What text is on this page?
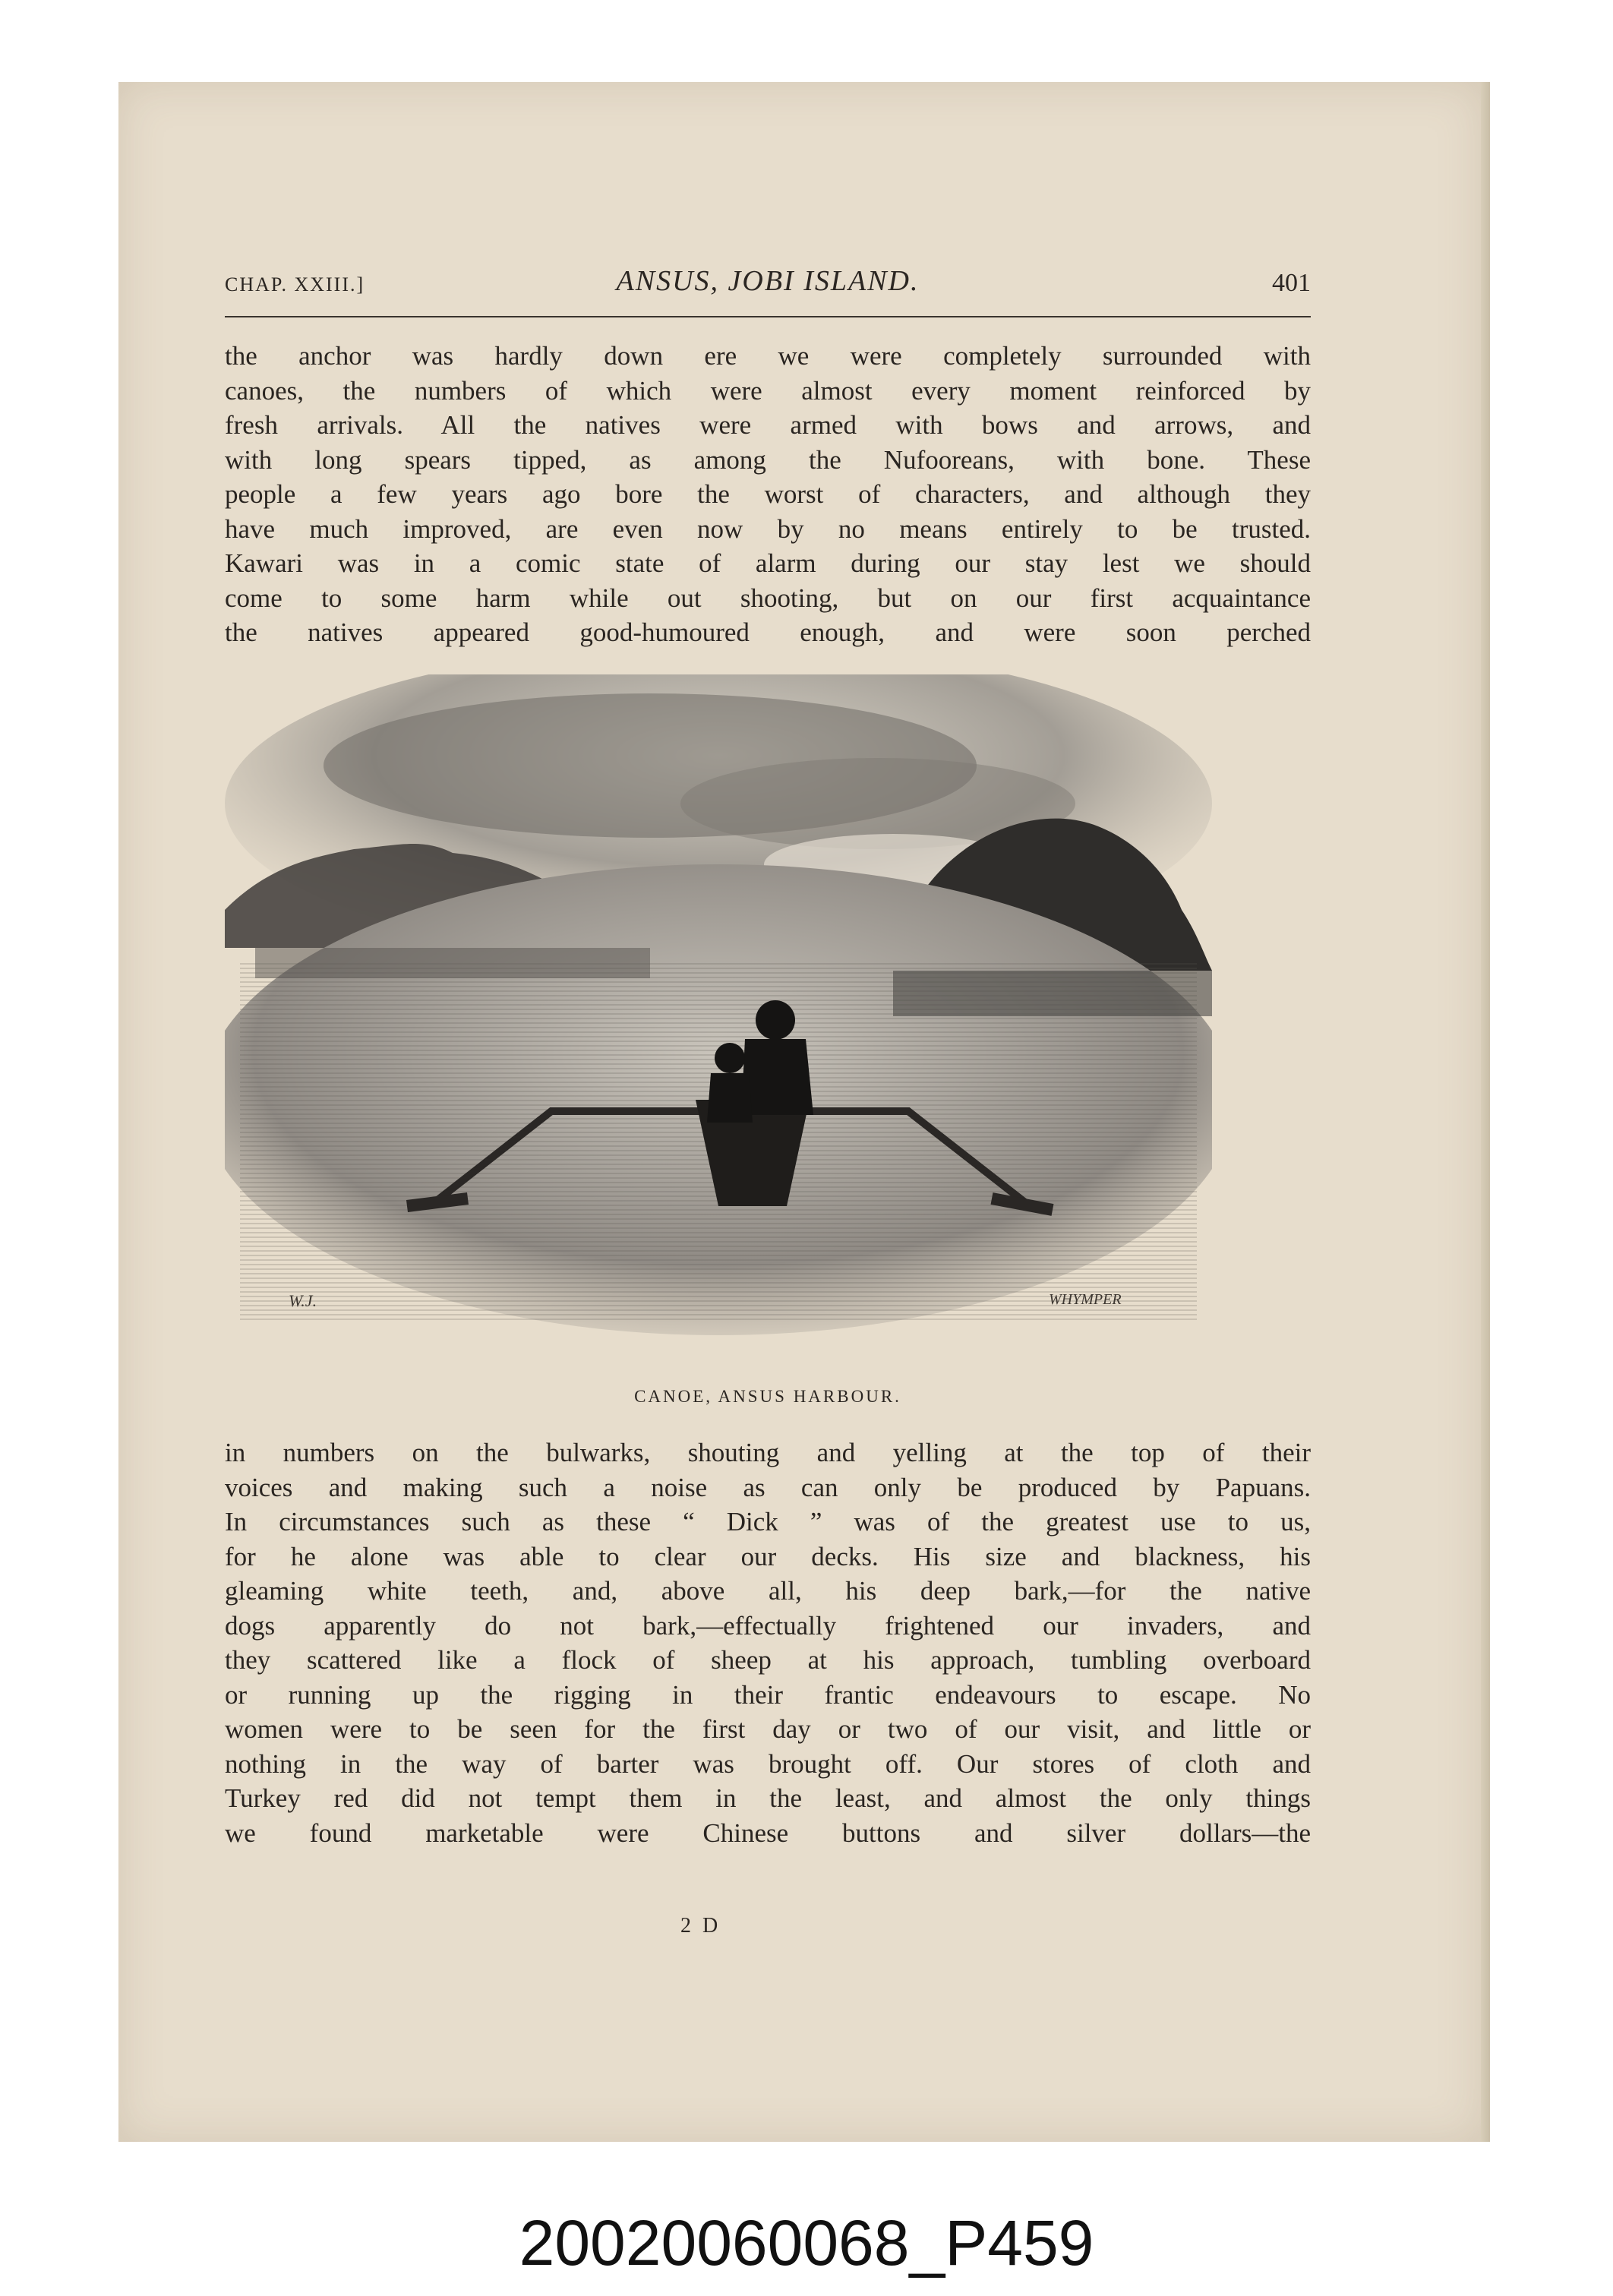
CHAP. XXIII.]	ANSUS, JOBI ISLAND.	401
the anchor was hardly down ere we were completely surrounded with
canoes, the numbers of which were almost every moment reinforced by
fresh arrivals. All the natives were armed with bows and arrows, and
with long spears tipped, as among the Nufooreans, with bone. These
people a few years ago bore the worst of characters, and although they
have much improved, are even now by no means entirely to be trusted.
Kawari was in a comic state of alarm during our stay lest we should
come to some harm while out shooting, but on our first acquaintance
the natives appeared good-humoured enough, and were soon perched
W.J.	WHYMPER
CANOE, ANSUS HARBOUR.
in numbers on the bulwarks, shouting and yelling at the top of their
voices and making such a noise as can only be produced by Papuans.
In circumstances such as these “ Dick ” was of the greatest use to us,
for he alone was able to clear our decks. His size and blackness, his
gleaming white teeth, and, above all, his deep bark,—for the native
dogs apparently do not bark,—effectually frightened our invaders, and
they scattered like a flock of sheep at his approach, tumbling overboard
or running up the rigging in their frantic endeavours to escape. No
women were to be seen for the first day or two of our visit, and little or
nothing in the way of barter was brought off. Our stores of cloth and
Turkey red did not tempt them in the least, and almost the only things
we found marketable were Chinese buttons and silver dollars—the
2 D
20020060068_P459
